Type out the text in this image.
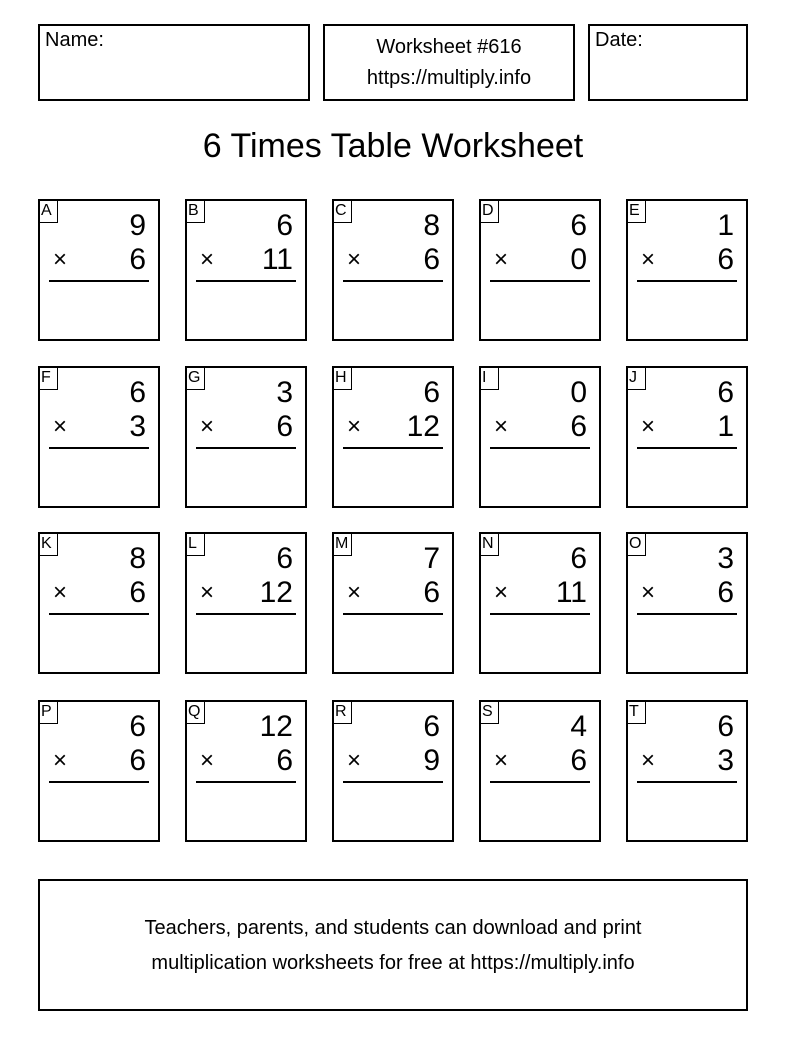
Name:	Worksheet #616
https://multiply.info
Date:
6 Times Table Worksheet
A	9
× 6
B	6
× 11
C	8
× 6
D	6
× 0
E	1
× 6
F	6
× 3
G	3
× 6
H	6
× 12
I	0
× 6
J	6
× 1
K	8
× 6
L	6
× 12
M 7
× 6
N	6
× 11
O	3
× 6
P	6
× 6
Q 12
× 6
R	6
× 9
S	4
× 6
T	6
× 3
Teachers, parents, and students can download and print
multiplication worksheets for free at https://multiply.info
